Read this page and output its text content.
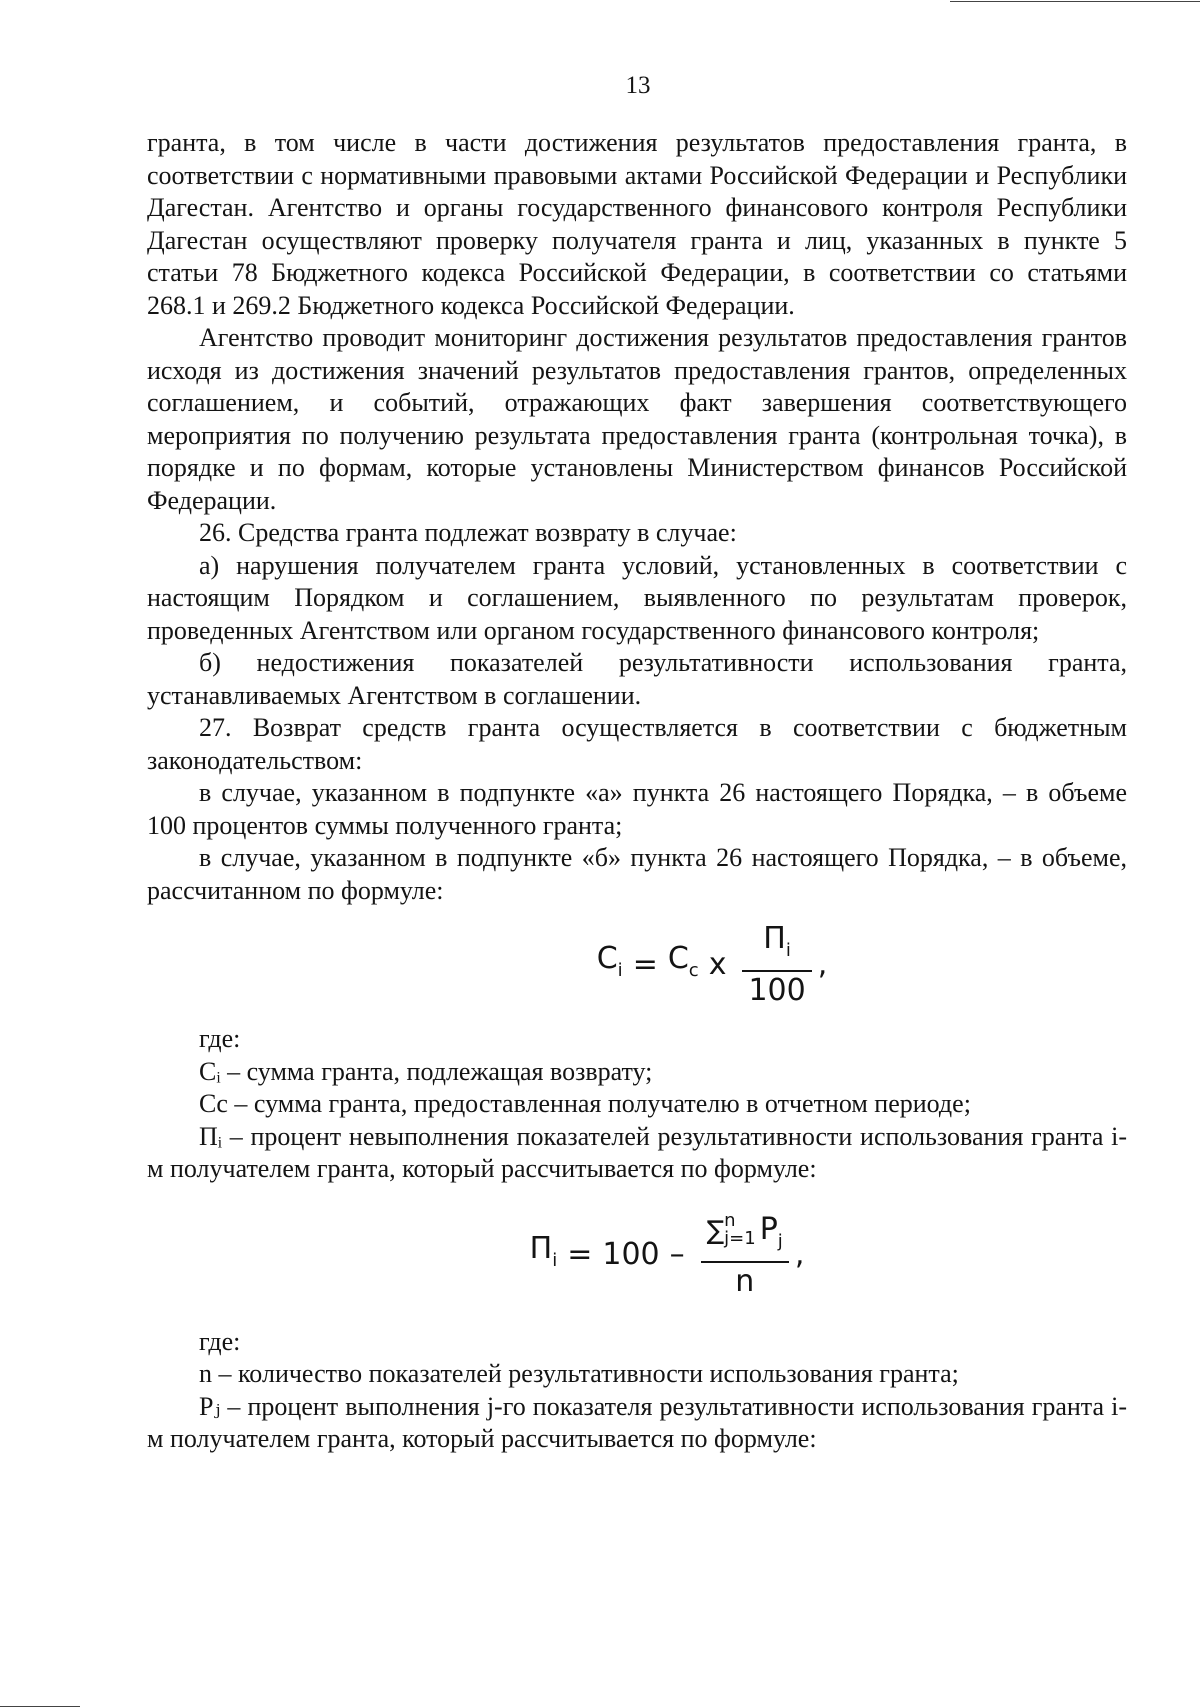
13

гранта, в том числе в части достижения результатов предоставления гранта, в соответствии с нормативными правовыми актами Российской Федерации и Республики Дагестан. Агентство и органы государственного финансового контроля Республики Дагестан осуществляют проверку получателя гранта и лиц, указанных в пункте 5 статьи 78 Бюджетного кодекса Российской Федерации, в соответствии со статьями 268.1 и 269.2 Бюджетного кодекса Российской Федерации.

Агентство проводит мониторинг достижения результатов предоставления грантов исходя из достижения значений результатов предоставления грантов, определенных соглашением, и событий, отражающих факт завершения соответствующего мероприятия по получению результата предоставления гранта (контрольная точка), в порядке и по формам, которые установлены Министерством финансов Российской Федерации.

26. Средства гранта подлежат возврату в случае:

а) нарушения получателем гранта условий, установленных в соответствии с настоящим Порядком и соглашением, выявленного по результатам проверок, проведенных Агентством или органом государственного финансового контроля;

б) недостижения показателей результативности использования гранта, устанавливаемых Агентством в соглашении.

27. Возврат средств гранта осуществляется в соответствии с бюджетным законодательством:

в случае, указанном в подпункте «а» пункта 26 настоящего Порядка, – в объеме 100 процентов суммы полученного гранта;

в случае, указанном в подпункте «б» пункта 26 настоящего Порядка, – в объеме, рассчитанном по формуле:

$C_i = C_c$ x $\frac{П_i}{100}$ ,

где:

Cᵢ – сумма гранта, подлежащая возврату;

Cc – сумма гранта, предоставленная получателю в отчетном периоде;

Пᵢ – процент невыполнения показателей результативности использования гранта i-м получателем гранта, который рассчитывается по формуле:

$П_i = 100$ – ∑ n
j=1 $P_j$
n ,

где:

n – количество показателей результативности использования гранта;

Pⱼ – процент выполнения j-го показателя результативности использования гранта i-м получателем гранта, который рассчитывается по формуле:
